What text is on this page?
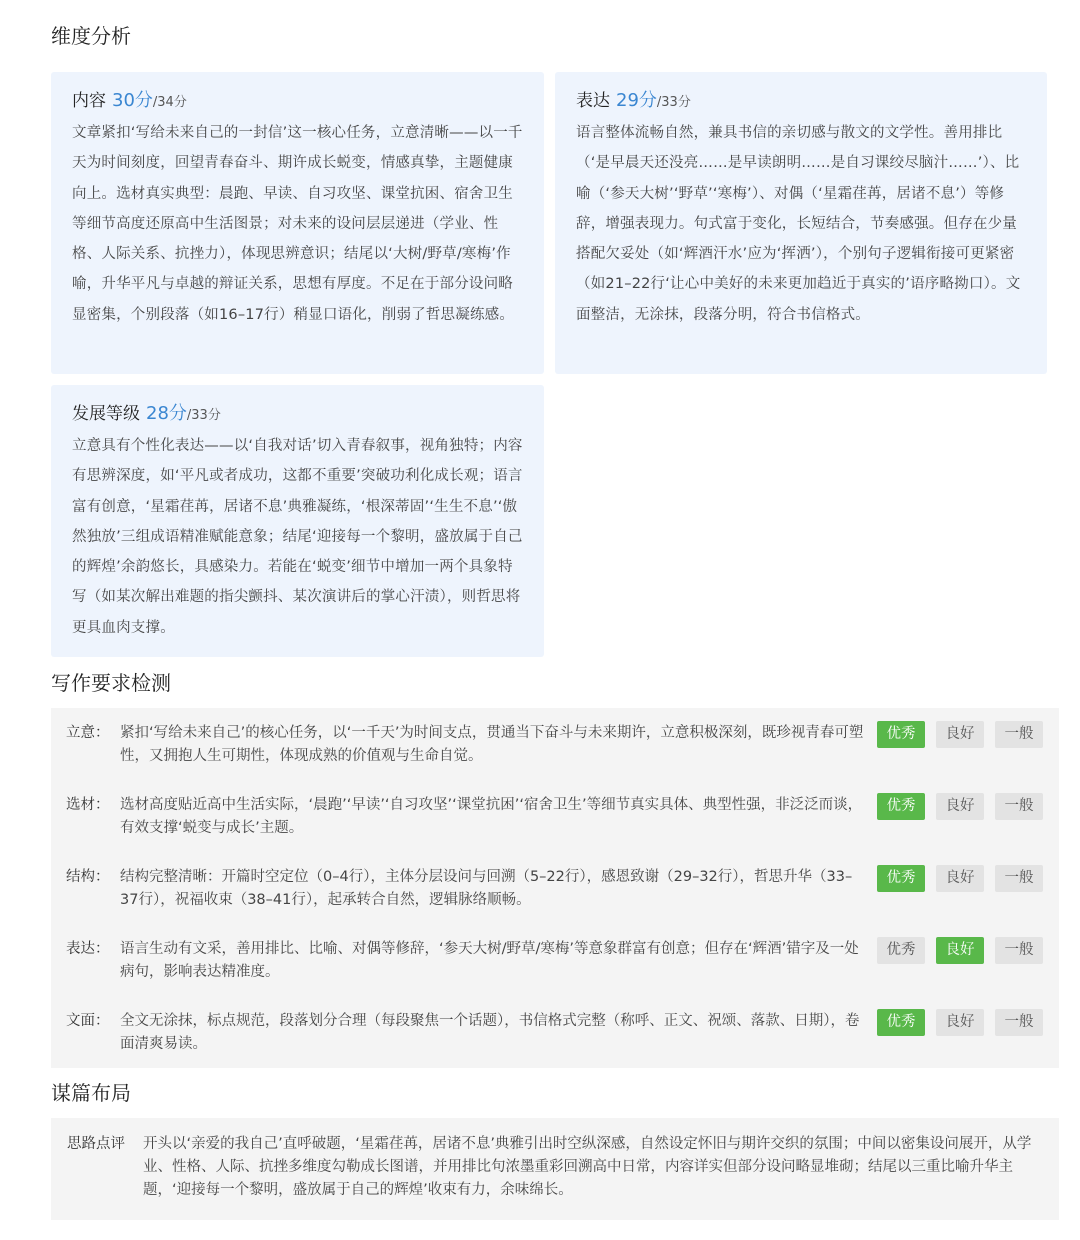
维度分析
内容 30分 /34分

文章紧扣‘写给未来自己的一封信’这一核心任务，立意清晰——以一千天为时间刻度，回望青春奋斗、期许成长蜕变，情感真挚，主题健康向上。选材真实典型：晨跑、早读、自习攻坚、课堂抗困、宿舍卫生等细节高度还原高中生活图景；对未来的设问层层递进（学业、性格、人际关系、抗挫力），体现思辨意识；结尾以‘大树/野草/寒梅’作喻，升华平凡与卓越的辩证关系，思想有厚度。不足在于部分设问略显密集，个别段落（如16–17行）稍显口语化，削弱了哲思凝练感。

表达 29分 /33分

语言整体流畅自然，兼具书信的亲切感与散文的文学性。善用排比（‘是早晨天还没亮……是早读朗明……是自习课绞尽脑汁……’）、比喻（‘参天大树’‘野草’‘寒梅’）、对偶（‘星霜荏苒，居诸不息’）等修辞，增强表现力。句式富于变化，长短结合，节奏感强。但存在少量搭配欠妥处（如‘辉酒汗水’应为‘挥洒’），个别句子逻辑衔接可更紧密（如21–22行‘让心中美好的未来更加趋近于真实的’语序略拗口）。文面整洁，无涂抹，段落分明，符合书信格式。

发展等级 28分 /33分

立意具有个性化表达——以‘自我对话’切入青春叙事，视角独特；内容有思辨深度，如‘平凡或者成功，这都不重要’突破功利化成长观；语言富有创意，‘星霜荏苒，居诸不息’典雅凝练，‘根深蒂固’‘生生不息’‘傲然独放’三组成语精准赋能意象；结尾‘迎接每一个黎明，盛放属于自己的辉煌’余韵悠长，具感染力。若能在‘蜕变’细节中增加一两个具象特写（如某次解出难题的指尖颤抖、某次演讲后的掌心汗渍），则哲思将更具血肉支撑。

写作要求检测
立意： 紧扣‘写给未来自己’的核心任务，以‘一千天’为时间支点，贯通当下奋斗与未来期许，立意积极深刻，既珍视青春可塑性，又拥抱人生可期性，体现成熟的价值观与生命自觉。

优秀	良好	一般
选材： 选材高度贴近高中生活实际，‘晨跑’‘早读’‘自习攻坚’‘课堂抗困’‘宿舍卫生’等细节真实具体、典型性强，非泛泛而谈，有效支撑‘蜕变与成长’主题。

优秀	良好	一般
结构： 结构完整清晰：开篇时空定位（0–4行），主体分层设问与回溯（5–22行），感恩致谢（29–32行），哲思升华（33–37行），祝福收束（38–41行），起承转合自然，逻辑脉络顺畅。

优秀	良好	一般
表达： 语言生动有文采，善用排比、比喻、对偶等修辞，‘参天大树/野草/寒梅’等意象群富有创意；但存在‘辉酒’错字及一处病句，影响表达精准度。

优秀	良好	一般
文面： 全文无涂抹，标点规范，段落划分合理（每段聚焦一个话题），书信格式完整（称呼、正文、祝颂、落款、日期），卷面清爽易读。

优秀	良好	一般
谋篇布局
思路点评 开头以‘亲爱的我自己’直呼破题，‘星霜荏苒，居诸不息’典雅引出时空纵深感，自然设定怀旧与期许交织的氛围；中间以密集设问展开，从学业、性格、人际、抗挫多维度勾勒成长图谱，并用排比句浓墨重彩回溯高中日常，内容详实但部分设问略显堆砌；结尾以三重比喻升华主题，‘迎接每一个黎明，盛放属于自己的辉煌’收束有力，余味绵长。
